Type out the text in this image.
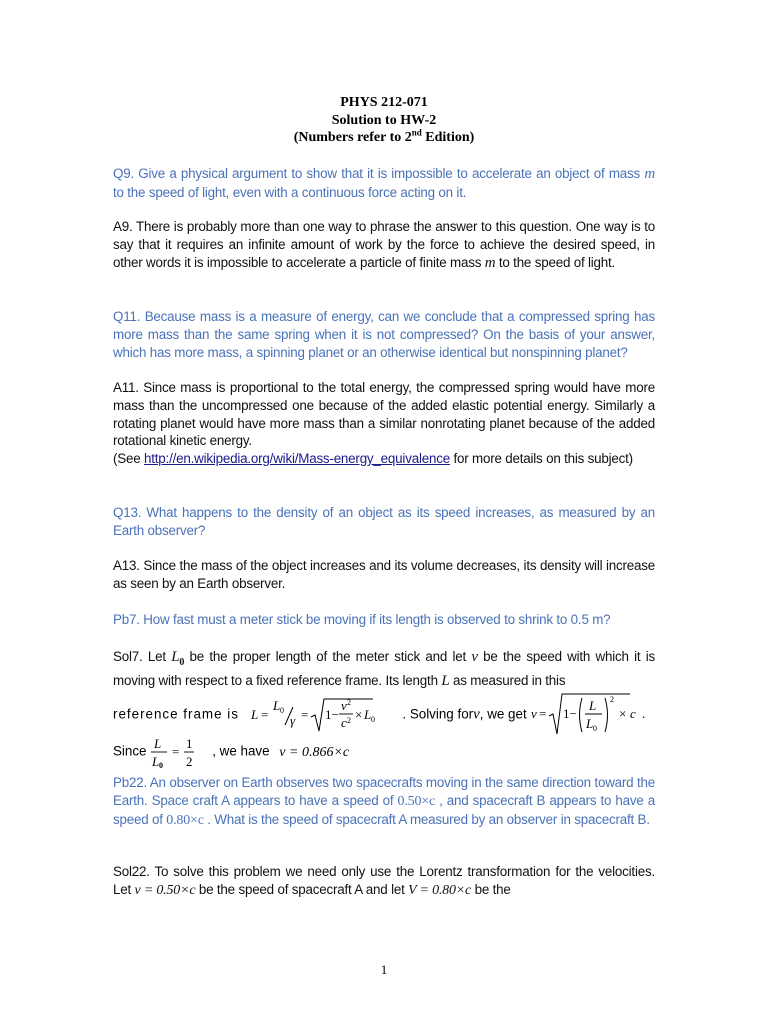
PHYS 212-071
Solution to HW-2
(Numbers refer to 2nd Edition)
Q9. Give a physical argument to show that it is impossible to accelerate an object of mass m to the speed of light, even with a continuous force acting on it.
A9. There is probably more than one way to phrase the answer to this question. One way is to say that it requires an infinite amount of work by the force to achieve the desired speed, in other words it is impossible to accelerate a particle of finite mass m to the speed of light.
Q11. Because mass is a measure of energy, can we conclude that a compressed spring has more mass than the same spring when it is not compressed? On the basis of your answer, which has more mass, a spinning planet or an otherwise identical but nonspinning planet?
A11. Since mass is proportional to the total energy, the compressed spring would have more mass than the uncompressed one because of the added elastic potential energy. Similarly a rotating planet would have more mass than a similar nonrotating planet because of the added rotational kinetic energy.
(See http://en.wikipedia.org/wiki/Mass-energy_equivalence for more details on this subject)
Q13. What happens to the density of an object as its speed increases, as measured by an Earth observer?
A13. Since the mass of the object increases and its volume decreases, its density will increase as seen by an Earth observer.
Pb7. How fast must a meter stick be moving if its length is observed to shrink to 0.5 m?
Sol7. Let $L_0$ be the proper length of the meter stick and let v be the speed with which it is moving with respect to a fixed reference frame. Its length L as measured in this
reference frame is L =
L 0
γ = 1−
v 2
c 2 × L 0 . Solving forv, we get v = 1−
L
L 0
2
× c .
Since
L
L 0
=
1
2
, we have v = 0.866×c
Pb22. An observer on Earth observes two spacecrafts moving in the same direction toward the Earth. Space craft A appears to have a speed of 0.50×c , and spacecraft B appears to have a speed of 0.80×c . What is the speed of spacecraft A measured by an observer in spacecraft B.
Sol22. To solve this problem we need only use the Lorentz transformation for the velocities. Let v = 0.50×c be the speed of spacecraft A and let V = 0.80×c be the
1
